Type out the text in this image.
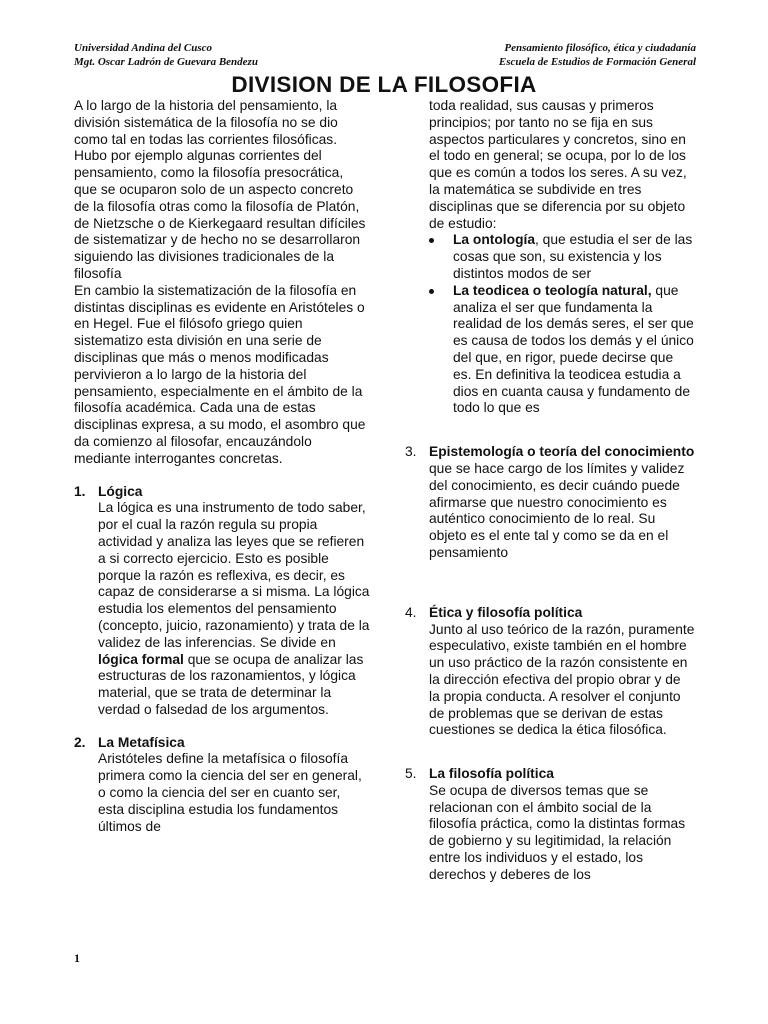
Universidad Andina del Cusco
Mgt. Oscar Ladrón de Guevara Bendezu
Pensamiento filosófico, ética y ciudadanía
Escuela de Estudios de Formación General
DIVISION DE LA FILOSOFIA

A lo largo de la historia del pensamiento, la división sistemática de la filosofía no se dio como tal en todas las corrientes filosóficas. Hubo por ejemplo algunas corrientes del pensamiento, como la filosofía presocrática, que se ocuparon solo de un aspecto concreto de la filosofía otras como la filosofía de Platón, de Nietzsche o de Kierkegaard resultan difíciles de sistematizar y de hecho no se desarrollaron siguiendo las divisiones tradicionales de la filosofía

En cambio la sistematización de la filosofía en distintas disciplinas es evidente en Aristóteles o en Hegel. Fue el filósofo griego quien sistematizo esta división en una serie de disciplinas que más o menos modificadas pervivieron a lo largo de la historia del pensamiento, especialmente en el ámbito de la filosofía académica. Cada una de estas disciplinas expresa, a su modo, el asombro que da comienzo al filosofar, encauzándolo mediante interrogantes concretas.

1. Lógica

La lógica es una instrumento de todo saber, por el cual la razón regula su propia actividad y analiza las leyes que se refieren a si correcto ejercicio. Esto es posible porque la razón es reflexiva, es decir, es capaz de considerarse a si misma. La lógica estudia los elementos del pensamiento (concepto, juicio, razonamiento) y trata de la validez de las inferencias. Se divide en lógica formal que se ocupa de analizar las estructuras de los razonamientos, y lógica material, que se trata de determinar la verdad o falsedad de los argumentos.

2. La Metafísica

Aristóteles define la metafísica o filosofía primera como la ciencia del ser en general, o como la ciencia del ser en cuanto ser, esta disciplina estudia los fundamentos últimos de

toda realidad, sus causas y primeros principios; por tanto no se fija en sus aspectos particulares y concretos, sino en el todo en general; se ocupa, por lo de los que es común a todos los seres. A su vez, la matemática se subdivide en tres disciplinas que se diferencia por su objeto de estudio:

La ontología, que estudia el ser de las cosas que son, su existencia y los distintos modos de ser
La teodicea o teología natural, que analiza el ser que fundamenta la realidad de los demás seres, el ser que es causa de todos los demás y el único del que, en rigor, puede decirse que es. En definitiva la teodicea estudia a dios en cuanta causa y fundamento de todo lo que es
3. Epistemología o teoría del conocimiento que se hace cargo de los límites y validez del conocimiento, es decir cuándo puede afirmarse que nuestro conocimiento es auténtico conocimiento de lo real. Su objeto es el ente tal y como se da en el pensamiento

4. Ética y filosofía política

Junto al uso teórico de la razón, puramente especulativo, existe también en el hombre un uso práctico de la razón consistente en la dirección efectiva del propio obrar y de la propia conducta. A resolver el conjunto de problemas que se derivan de estas cuestiones se dedica la ética filosófica.

5. La filosofía política

Se ocupa de diversos temas que se relacionan con el ámbito social de la filosofía práctica, como la distintas formas de gobierno y su legitimidad, la relación entre los individuos y el estado, los derechos y deberes de los

1
